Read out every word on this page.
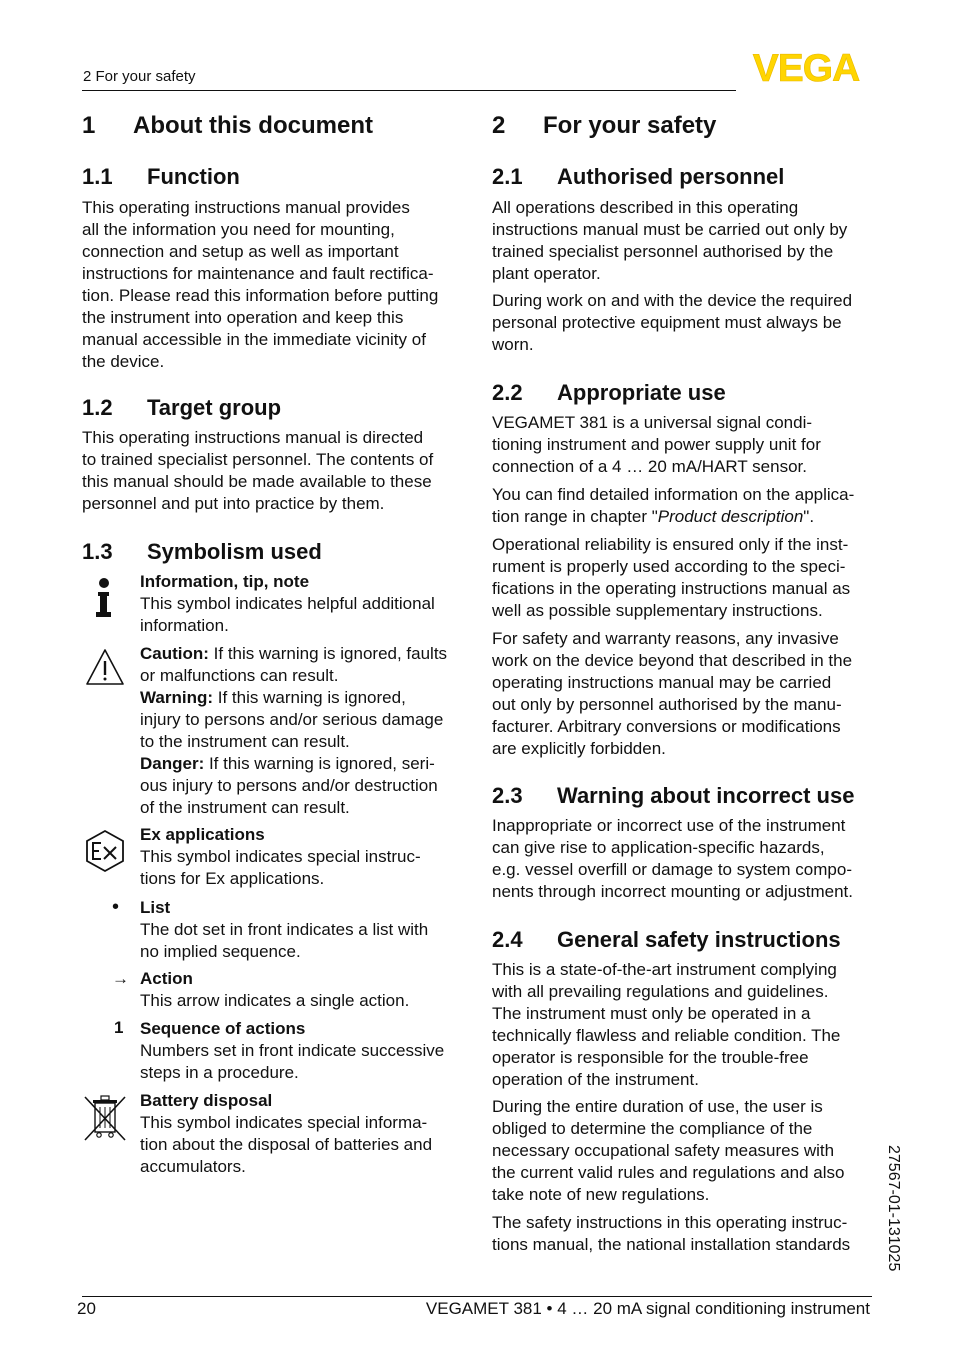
2 For your safety	VEGA

1 About this document

1.1 Function

This operating instructions manual provides
all the information you need for mounting,
connection and setup as well as important
instructions for maintenance and fault rectifica-
tion. Please read this information before putting
the instrument into operation and keep this
manual accessible in the immediate vicinity of
the device.

1.2 Target group

This operating instructions manual is directed
to trained specialist personnel. The contents of
this manual should be made available to these
personnel and put into practice by them.

1.3 Symbolism used

Information, tip, note

This symbol indicates helpful additional
information.

Caution: If this warning is ignored, faults
or malfunctions can result.

Warning: If this warning is ignored,
injury to persons and/or serious damage
to the instrument can result.

Danger: If this warning is ignored, seri-
ous injury to persons and/or destruction
of the instrument can result.

Ex applications

This symbol indicates special instruc-
tions for Ex applications.

• List

The dot set in front indicates a list with
no implied sequence.

→ Action

This arrow indicates a single action.

1 Sequence of actions

Numbers set in front indicate successive
steps in a procedure.

Battery disposal

This symbol indicates special informa-
tion about the disposal of batteries and
accumulators.

2 For your safety

2.1 Authorised personnel

All operations described in this operating
instructions manual must be carried out only by
trained specialist personnel authorised by the
plant operator.

During work on and with the device the required
personal protective equipment must always be
worn.

2.2 Appropriate use

VEGAMET 381 is a universal signal condi-
tioning instrument and power supply unit for
connection of a 4 … 20 mA/HART sensor.

You can find detailed information on the applica-
tion range in chapter "Product description".

Operational reliability is ensured only if the inst-
rument is properly used according to the speci-
fications in the operating instructions manual as
well as possible supplementary instructions.

For safety and warranty reasons, any invasive
work on the device beyond that described in the
operating instructions manual may be carried
out only by personnel authorised by the manu-
facturer. Arbitrary conversions or modifications
are explicitly forbidden.

2.3 Warning about incorrect use

Inappropriate or incorrect use of the instrument
can give rise to application-specific hazards,
e.g. vessel overfill or damage to system compo-
nents through incorrect mounting or adjustment.

2.4 General safety instructions

This is a state-of-the-art instrument complying
with all prevailing regulations and guidelines.
The instrument must only be operated in a
technically flawless and reliable condition. The
operator is responsible for the trouble-free
operation of the instrument.

During the entire duration of use, the user is
obliged to determine the compliance of the
necessary occupational safety measures with
the current valid rules and regulations and also
take note of new regulations.

The safety instructions in this operating instruc-
tions manual, the national installation standards	27567-01-131025
20	VEGAMET 381 • 4 … 20 mA signal conditioning instrument
